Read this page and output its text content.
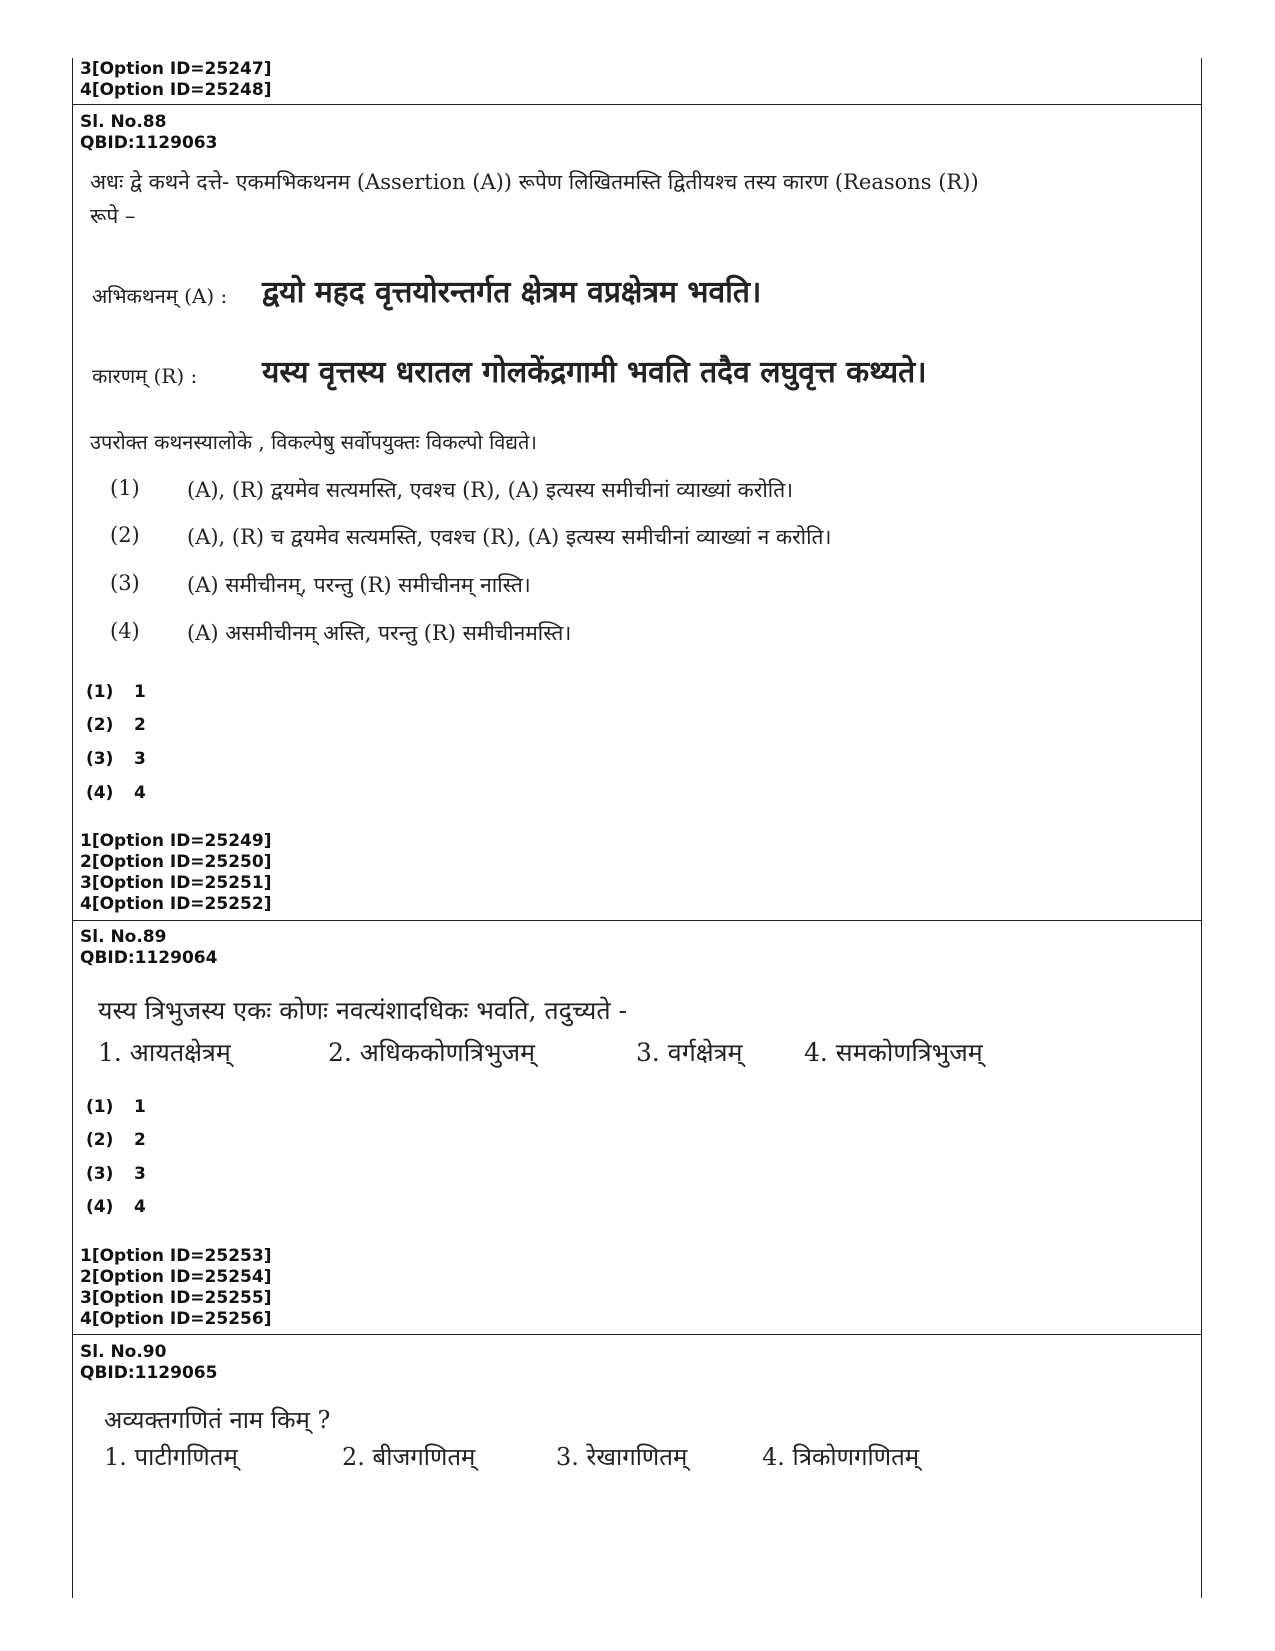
3[Option ID=25247]
4[Option ID=25248]
Sl. No.88
QBID:1129063
अधः द्वे कथने दत्ते- एकमभिकथनम (Assertion (A)) रूपेण लिखितमस्ति द्वितीयश्च तस्य कारण (Reasons (R))
रूपे –
अभिकथनम् (A) : द्वयो महद वृत्तयोरन्तर्गत क्षेत्रम वप्रक्षेत्रम भवति।
कारणम् (R) : यस्य वृत्तस्य धरातल गोलकेंद्रगामी भवति तदैव लघुवृत्त कथ्यते।
उपरोक्त कथनस्यालोके , विकल्पेषु सर्वोपयुक्तः विकल्पो विद्यते।
(1) (A), (R) द्वयमेव सत्यमस्ति, एवश्च (R), (A) इत्यस्य समीचीनां व्याख्यां करोति।
(2) (A), (R) च द्वयमेव सत्यमस्ति, एवश्च (R), (A) इत्यस्य समीचीनां व्याख्यां न करोति।
(3) (A) समीचीनम्, परन्तु (R) समीचीनम् नास्ति।
(4) (A) असमीचीनम् अस्ति, परन्तु (R) समीचीनमस्ति।
(1) 1
(2) 2
(3) 3
(4) 4
1[Option ID=25249]
2[Option ID=25250]
3[Option ID=25251]
4[Option ID=25252]
Sl. No.89
QBID:1129064
यस्य त्रिभुजस्य एकः कोणः नवत्यंशादधिकः भवति, तदुच्यते -
1. आयतक्षेत्रम्	2. अधिककोणत्रिभुजम्	3. वर्गक्षेत्रम् 4. समकोणत्रिभुजम्
(1) 1
(2) 2
(3) 3
(4) 4
1[Option ID=25253]
2[Option ID=25254]
3[Option ID=25255]
4[Option ID=25256]
Sl. No.90
QBID:1129065
अव्यक्तगणितं नाम किम् ?
1. पाटीगणितम्	2. बीजगणितम्	3. रेखागणितम्	4. त्रिकोणगणितम्
